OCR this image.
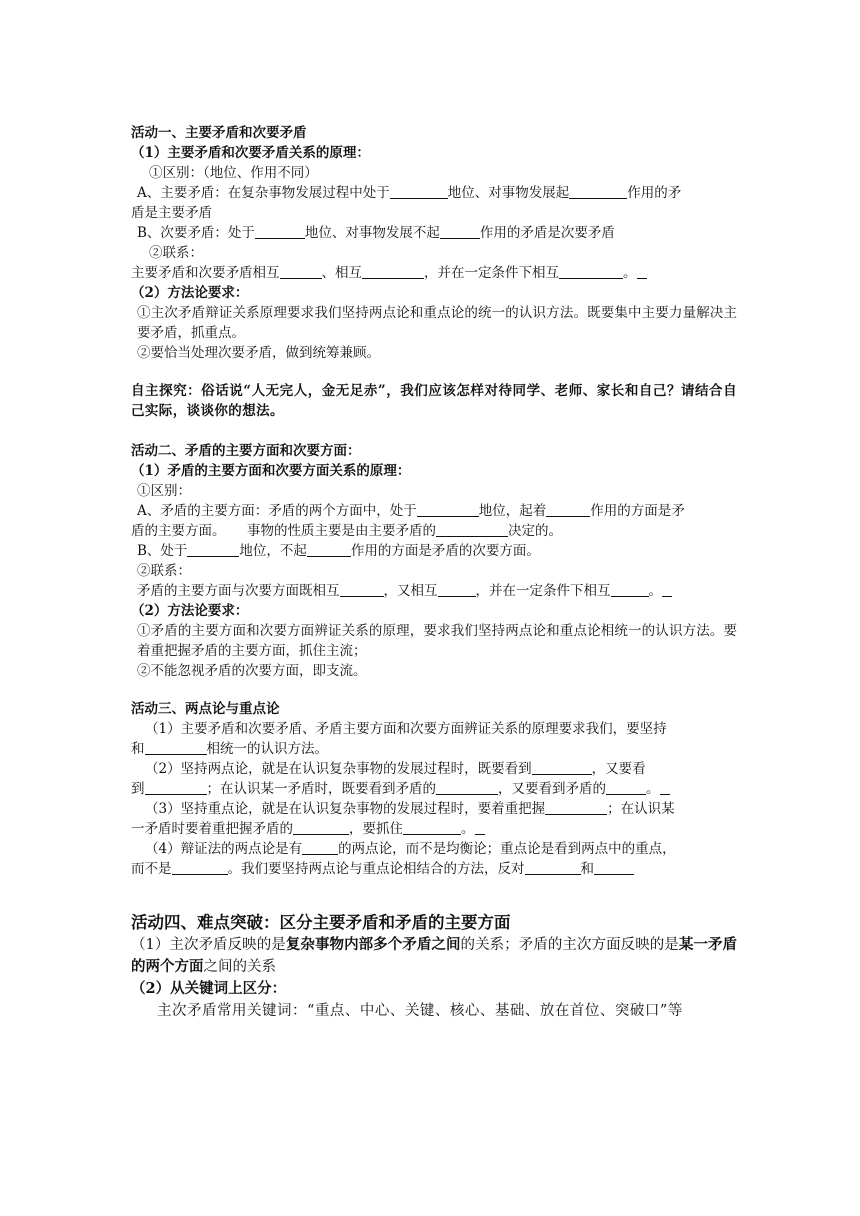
活动一、主要矛盾和次要矛盾
（1）主要矛盾和次要矛盾关系的原理：
①区别：（地位、作用不同）
A、主要矛盾：在复杂事物发展过程中处于	地位、对事物发展起	作用的矛
盾是主要矛盾
B、次要矛盾：处于	地位、对事物发展不起	作用的矛盾是次要矛盾
②联系：
主要矛盾和次要矛盾相互	、相互	，并在一定条件下相互	。
（2）方法论要求：
①主次矛盾辩证关系原理要求我们坚持两点论和重点论的统一的认识方法。既要集中主要力量解决主要矛盾，抓重点。
②要恰当处理次要矛盾，做到统筹兼顾。
自主探究：俗话说“人无完人，金无足赤”，我们应该怎样对待同学、老师、家长和自己？请结合自己实际，谈谈你的想法。
活动二、矛盾的主要方面和次要方面：
（1）矛盾的主要方面和次要方面关系的原理：
①区别：
A、矛盾的主要方面：矛盾的两个方面中，处于	地位，起着	作用的方面是矛
盾的主要方面。     事物的性质主要是由主要矛盾的	决定的。
B、处于	地位，不起	作用的方面是矛盾的次要方面。
②联系：
矛盾的主要方面与次要方面既相互	，又相互	，并在一定条件下相互	。
（2）方法论要求：
①矛盾的主要方面和次要方面辨证关系的原理，要求我们坚持两点论和重点论相统一的认识方法。要着重把握矛盾的主要方面，抓住主流；
②不能忽视矛盾的次要方面，即支流。
活动三、两点论与重点论
（1）主要矛盾和次要矛盾、矛盾主要方面和次要方面辨证关系的原理要求我们，要坚持
和	相统一的认识方法。
（2）坚持两点论，就是在认识复杂事物的发展过程时，既要看到	，又要看
到	；在认识某一矛盾时，既要看到矛盾的	，又要看到矛盾的	。
（3）坚持重点论，就是在认识复杂事物的发展过程时，要着重把握	；在认识某
一矛盾时要着重把握矛盾的	，要抓住	。
（4）辩证法的两点论是有	的两点论，而不是均衡论；重点论是看到两点中的重点，
而不是	。我们要坚持两点论与重点论相结合的方法，反对	和
活动四、难点突破：区分主要矛盾和矛盾的主要方面
（1）主次矛盾反映的是复杂事物内部多个矛盾之间的关系；矛盾的主次方面反映的是某一矛盾的两个方面之间的关系
（2）从关键词上区分：
主次矛盾常用关键词：“重点、中心、关键、核心、基础、放在首位、突破口”等
